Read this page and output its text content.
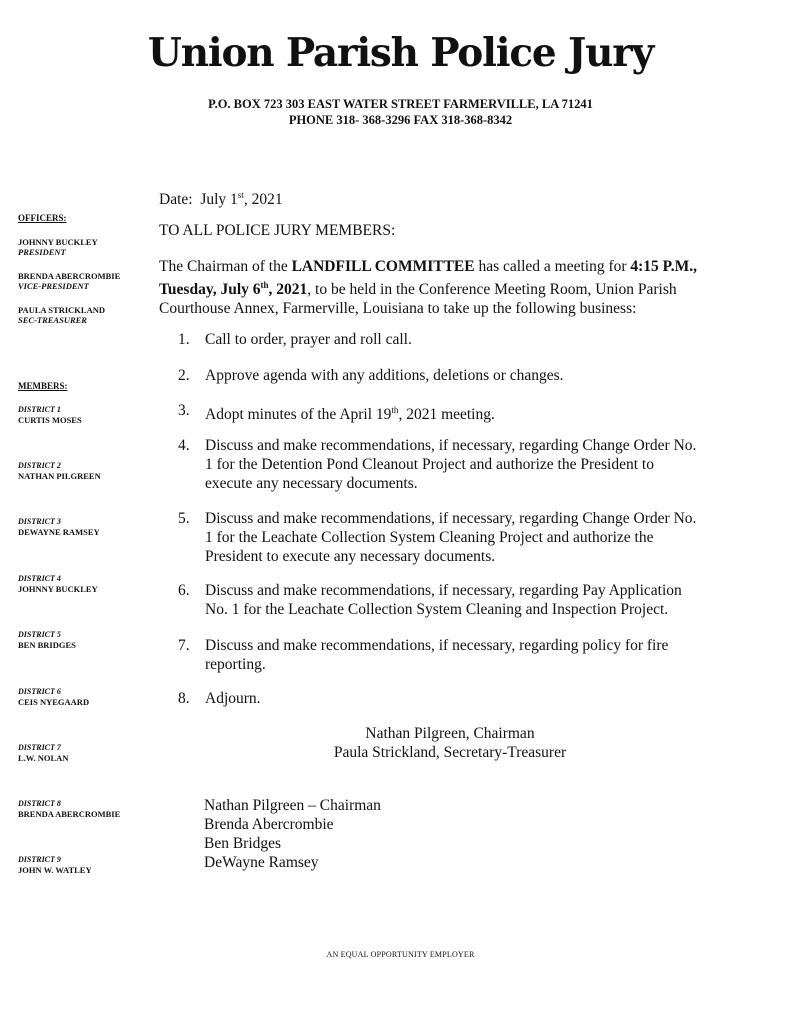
Union Parish Police Jury
P.O. BOX 723 303 EAST WATER STREET FARMERVILLE, LA 71241
PHONE 318- 368-3296 FAX 318-368-8342
OFFICERS:
JOHNNY BUCKLEY
PRESIDENT
BRENDA ABERCROMBIE
VICE-PRESIDENT
PAULA STRICKLAND
SEC-TREASURER
MEMBERS:
DISTRICT 1
CURTIS MOSES
DISTRICT 2
NATHAN PILGREEN
DISTRICT 3
DEWAYNE RAMSEY
DISTRICT 4
JOHNNY BUCKLEY
DISTRICT 5
BEN BRIDGES
DISTRICT 6
CEIS NYEGAARD
DISTRICT 7
L.W. NOLAN
DISTRICT 8
BRENDA ABERCROMBIE
DISTRICT 9
JOHN W. WATLEY
Date: July 1st, 2021
TO ALL POLICE JURY MEMBERS:
The Chairman of the LANDFILL COMMITTEE has called a meeting for 4:15 P.M., Tuesday, July 6th, 2021, to be held in the Conference Meeting Room, Union Parish Courthouse Annex, Farmerville, Louisiana to take up the following business:
1. Call to order, prayer and roll call.
2. Approve agenda with any additions, deletions or changes.
3. Adopt minutes of the April 19th, 2021 meeting.
4. Discuss and make recommendations, if necessary, regarding Change Order No. 1 for the Detention Pond Cleanout Project and authorize the President to execute any necessary documents.
5. Discuss and make recommendations, if necessary, regarding Change Order No. 1 for the Leachate Collection System Cleaning Project and authorize the President to execute any necessary documents.
6. Discuss and make recommendations, if necessary, regarding Pay Application No. 1 for the Leachate Collection System Cleaning and Inspection Project.
7. Discuss and make recommendations, if necessary, regarding policy for fire reporting.
8. Adjourn.
Nathan Pilgreen, Chairman
Paula Strickland, Secretary-Treasurer
Nathan Pilgreen – Chairman
Brenda Abercrombie
Ben Bridges
DeWayne Ramsey
AN EQUAL OPPORTUNITY EMPLOYER
